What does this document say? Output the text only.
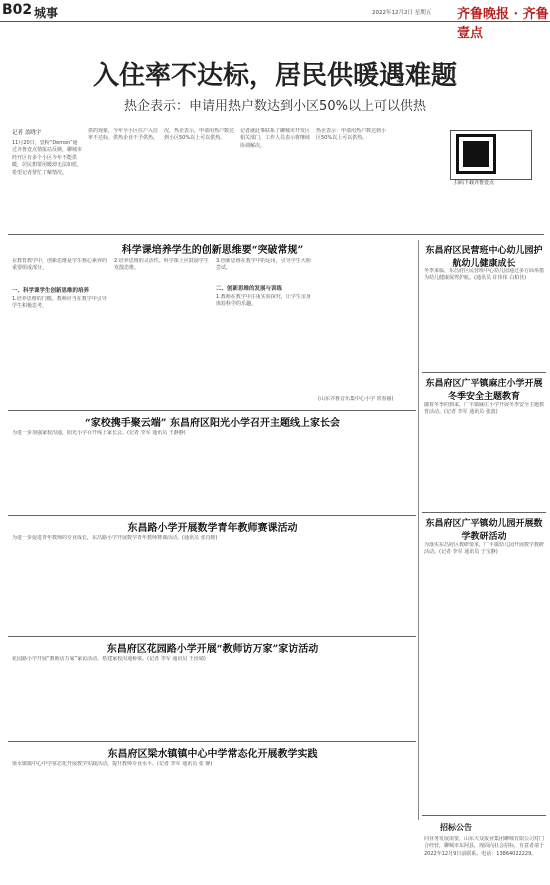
B02 城事	2022年12月2日 星期五 齐鲁晚报 · 齐鲁壹点
入住率不达标，居民供暖遇难题
热企表示：申请用热户数达到小区50%以上可以供热
记者 盖晓宇
11月20日，壹粉“Demon”通过齐鲁壹点情报站反映，聊城市经开区有多个小区今年不能供暖，居民想要用暖却无法如愿，希望记者帮忙了解情况。
供的现象，今年全小区住户入住率不达标，供热企业不予供热。
况，热企表示，申请用热户数达到小区50%以上可以供热。
记者就此事联系了聊城市开发区相关部门，工作人员表示将继续协调解决。
热企表示：申请用热户数达到小区50%以上可以供热。
扫码下载齐鲁壹点
科学课培养学生的创新思维要“突破常规”
在教育教学中，创新思维是学生核心素养的重要组成部分。
一、科学课学生创新思维的培养
1.培养思维的门槛。教师应当在教学中引导学生积极思考。
2.培养思维的灵活性。科学课上应鼓励学生发散思维。
3.创新思维在教学中的运用，引导学生大胆尝试。
二、创新思维的发展与训练
1.教师在教学中注重实验探究，让学生亲身体验科学的乐趣。
(山东齐鲁音乐集中心小学 常春丽)
东昌府区民营班中心幼儿园护航幼儿健康成长
冬季来临，东昌府区民营班中心幼儿园通过多方面举措为幼儿健康保驾护航。(通讯员 许伟伟 白柏佳)
东昌府区广平镇麻庄小学开展冬季安全主题教育
随着冬季的到来，广平镇麻庄小学开展冬季安全主题教育活动。(记者 李军 通讯员 张波)
东昌府区广平镇幼儿园开展数学教研活动
为落实东昌府区教研要求，广平镇幼儿园开展数学教研活动。(记者 李军 通讯员 于宝静)
“家校携手聚云端” 东昌府区阳光小学召开主题线上家长会
为进一步加强家校沟通，阳光小学召开线上家长会。(记者 李军 通讯员 王静静)
东昌路小学开展数学青年教师赛课活动
为进一步促进青年教师的专业成长，东昌路小学开展数学青年教师赛课活动。(通讯员 张肖睦)
东昌府区花园路小学开展“教师访万家”家访活动
花园路小学开展“教师访万家”家访活动，搭建家校沟通桥梁。(记者 李军 通讯员 王俭婧)
东昌府区梁水镇镇中心中学常态化开展教学实践
梁水镇镇中心中学常态化开展教学实践活动，提升教师专业水平。(记者 李军 通讯员 张 静)
招标公告
同业务发展需要，山东大众报业集团聊城有限公司对门合经营，聊城市东阿县，现面向社会招标，有意者请于2022年12月9日前联系。电话：13864022229。
